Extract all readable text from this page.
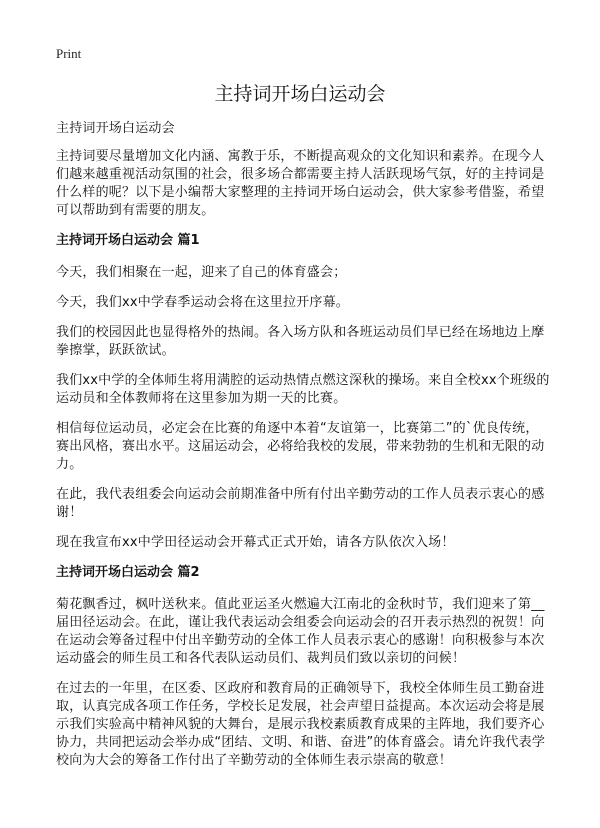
Print
主持词开场白运动会

主持词开场白运动会

主持词要尽量增加文化内涵、寓教于乐，不断提高观众的文化知识和素养。在现今人们越来越重视活动氛围的社会，很多场合都需要主持人活跃现场气氛，好的主持词是什么样的呢？以下是小编帮大家整理的主持词开场白运动会，供大家参考借鉴，希望可以帮助到有需要的朋友。

主持词开场白运动会 篇1

今天，我们相聚在一起，迎来了自己的体育盛会；

今天，我们xx中学春季运动会将在这里拉开序幕。

我们的校园因此也显得格外的热闹。各入场方队和各班运动员们早已经在场地边上摩拳擦掌，跃跃欲试。

我们xx中学的全体师生将用满腔的运动热情点燃这深秋的操场。来自全校xx个班级的运动员和全体教师将在这里参加为期一天的比赛。

相信每位运动员，必定会在比赛的角逐中本着“友谊第一，比赛第二”的`优良传统，赛出风格，赛出水平。这届运动会，必将给我校的发展，带来勃勃的生机和无限的动力。

在此，我代表组委会向运动会前期准备中所有付出辛勤劳动的工作人员表示衷心的感谢！

现在我宣布xx中学田径运动会开幕式正式开始，请各方队依次入场！

主持词开场白运动会 篇2

菊花飘香过，枫叶送秋来。值此亚运圣火燃遍大江南北的金秋时节，我们迎来了第__届田径运动会。在此，谨让我代表运动会组委会向运动会的召开表示热烈的祝贺！向在运动会筹备过程中付出辛勤劳动的全体工作人员表示衷心的感谢！向积极参与本次运动盛会的师生员工和各代表队运动员们、裁判员们致以亲切的问候！

在过去的一年里，在区委、区政府和教育局的正确领导下，我校全体师生员工勤奋进取，认真完成各项工作任务，学校长足发展，社会声望日益提高。本次运动会将是展示我们实验高中精神风貌的大舞台，是展示我校素质教育成果的主阵地，我们要齐心协力，共同把运动会举办成“团结、文明、和谐、奋进”的体育盛会。请允许我代表学校向为大会的筹备工作付出了辛勤劳动的全体师生表示崇高的敬意！
